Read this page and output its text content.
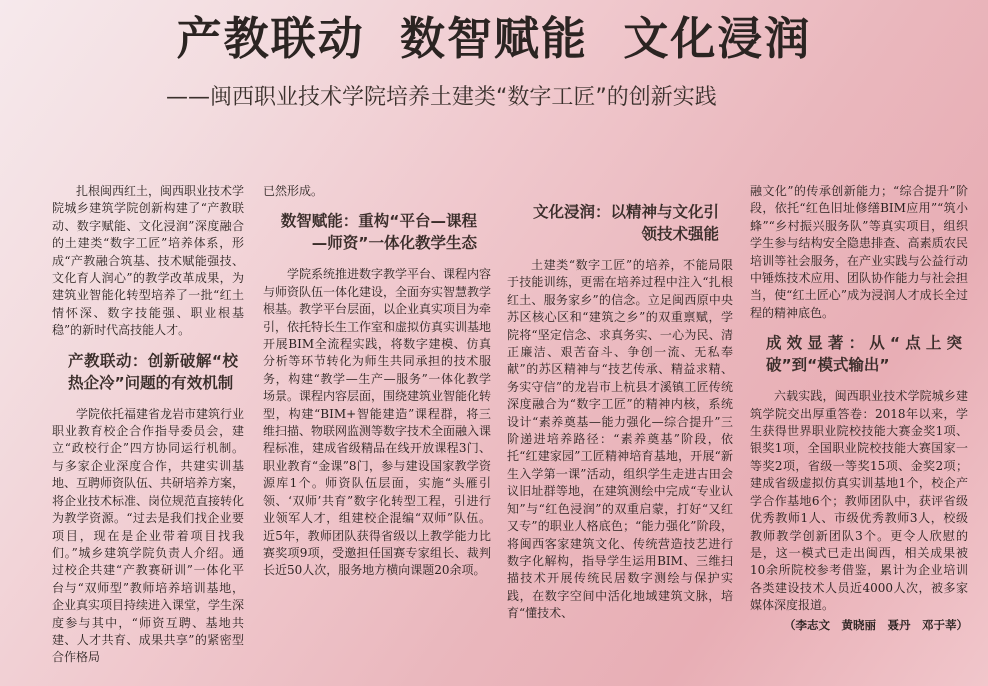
产教联动  数智赋能  文化浸润
——闽西职业技术学院培养土建类“数字工匠”的创新实践

扎根闽西红土，闽西职业技术学院城乡建筑学院创新构建了“产教联动、数字赋能、文化浸润”深度融合的土建类“数字工匠”培养体系，形成“产教融合筑基、技术赋能强技、文化育人润心”的教学改革成果，为建筑业智能化转型培养了一批“红土情怀深、数字技能强、职业根基稳”的新时代高技能人才。

产教联动：创新破解“校热企冷”问题的有效机制

学院依托福建省龙岩市建筑行业职业教育校企合作指导委员会，建立“政校行企”四方协同运行机制。与多家企业深度合作，共建实训基地、互聘师资队伍、共研培养方案，将企业技术标准、岗位规范直接转化为教学资源。“过去是我们找企业要项目，现在是企业带着项目找我们。”城乡建筑学院负责人介绍。通过校企共建“产教赛研训”一体化平台与“双师型”教师培养培训基地，企业真实项目持续进入课堂，学生深度参与其中，“师资互聘、基地共建、人才共育、成果共享”的紧密型合作格局

已然形成。

数智赋能：重构“平台—课程—师资”一体化教学生态

学院系统推进数字教学平台、课程内容与师资队伍一体化建设，全面夯实智慧教学根基。教学平台层面，以企业真实项目为牵引，依托特长生工作室和虚拟仿真实训基地开展BIM全流程实践，将数字建模、仿真分析等环节转化为师生共同承担的技术服务，构建“教学—生产—服务”一体化教学场景。课程内容层面，围绕建筑业智能化转型，构建“BIM+智能建造”课程群，将三维扫描、物联网监测等数字技术全面融入课程标准，建成省级精品在线开放课程3门、职业教育“金课”8门，参与建设国家教学资源库1个。师资队伍层面，实施“头雁引领、‘双师’共育”数字化转型工程，引进行业领军人才，组建校企混编“双师”队伍。近5年，教师团队获得省级以上教学能力比赛奖项9项，受邀担任国赛专家组长、裁判长近50人次，服务地方横向课题20余项。

文化浸润：以精神与文化引领技术强能

土建类“数字工匠”的培养，不能局限于技能训练，更需在培养过程中注入“扎根红土、服务家乡”的信念。立足闽西原中央苏区核心区和“建筑之乡”的双重禀赋，学院将“坚定信念、求真务实、一心为民、清正廉洁、艰苦奋斗、争创一流、无私奉献”的苏区精神与“技艺传承、精益求精、务实守信”的龙岩市上杭县才溪镇工匠传统深度融合为“数字工匠”的精神内核，系统设计“素养奠基—能力强化—综合提升”三阶递进培养路径：“素养奠基”阶段，依托“红建家园”工匠精神培育基地，开展“新生入学第一课”活动，组织学生走进古田会议旧址群等地，在建筑测绘中完成“专业认知”与“红色浸润”的双重启蒙，打好“又红又专”的职业人格底色；“能力强化”阶段，将闽西客家建筑文化、传统营造技艺进行数字化解构，指导学生运用BIM、三维扫描技术开展传统民居数字测绘与保护实践，在数字空间中活化地域建筑文脉，培育“懂技术、

融文化”的传承创新能力；“综合提升”阶段，依托“红色旧址修缮BIM应用”“筑小蜂”“乡村振兴服务队”等真实项目，组织学生参与结构安全隐患排查、高素质农民培训等社会服务，在产业实践与公益行动中锤炼技术应用、团队协作能力与社会担当，使“红土匠心”成为浸润人才成长全过程的精神底色。

成效显著：从“点上突破”到“模式输出”

六载实践，闽西职业技术学院城乡建筑学院交出厚重答卷：2018年以来，学生获得世界职业院校技能大赛金奖1项、银奖1项，全国职业院校技能大赛国家一等奖2项，省级一等奖15项、金奖2项；建成省级虚拟仿真实训基地1个，校企产学合作基地6个；教师团队中，获评省级优秀教师1人、市级优秀教师3人，校级教师教学创新团队3个。更令人欣慰的是，这一模式已走出闽西，相关成果被10余所院校参考借鉴，累计为企业培训各类建设技术人员近4000人次，被多家媒体深度报道。

（李志文　黄晓丽　聂丹　邓于莘）
